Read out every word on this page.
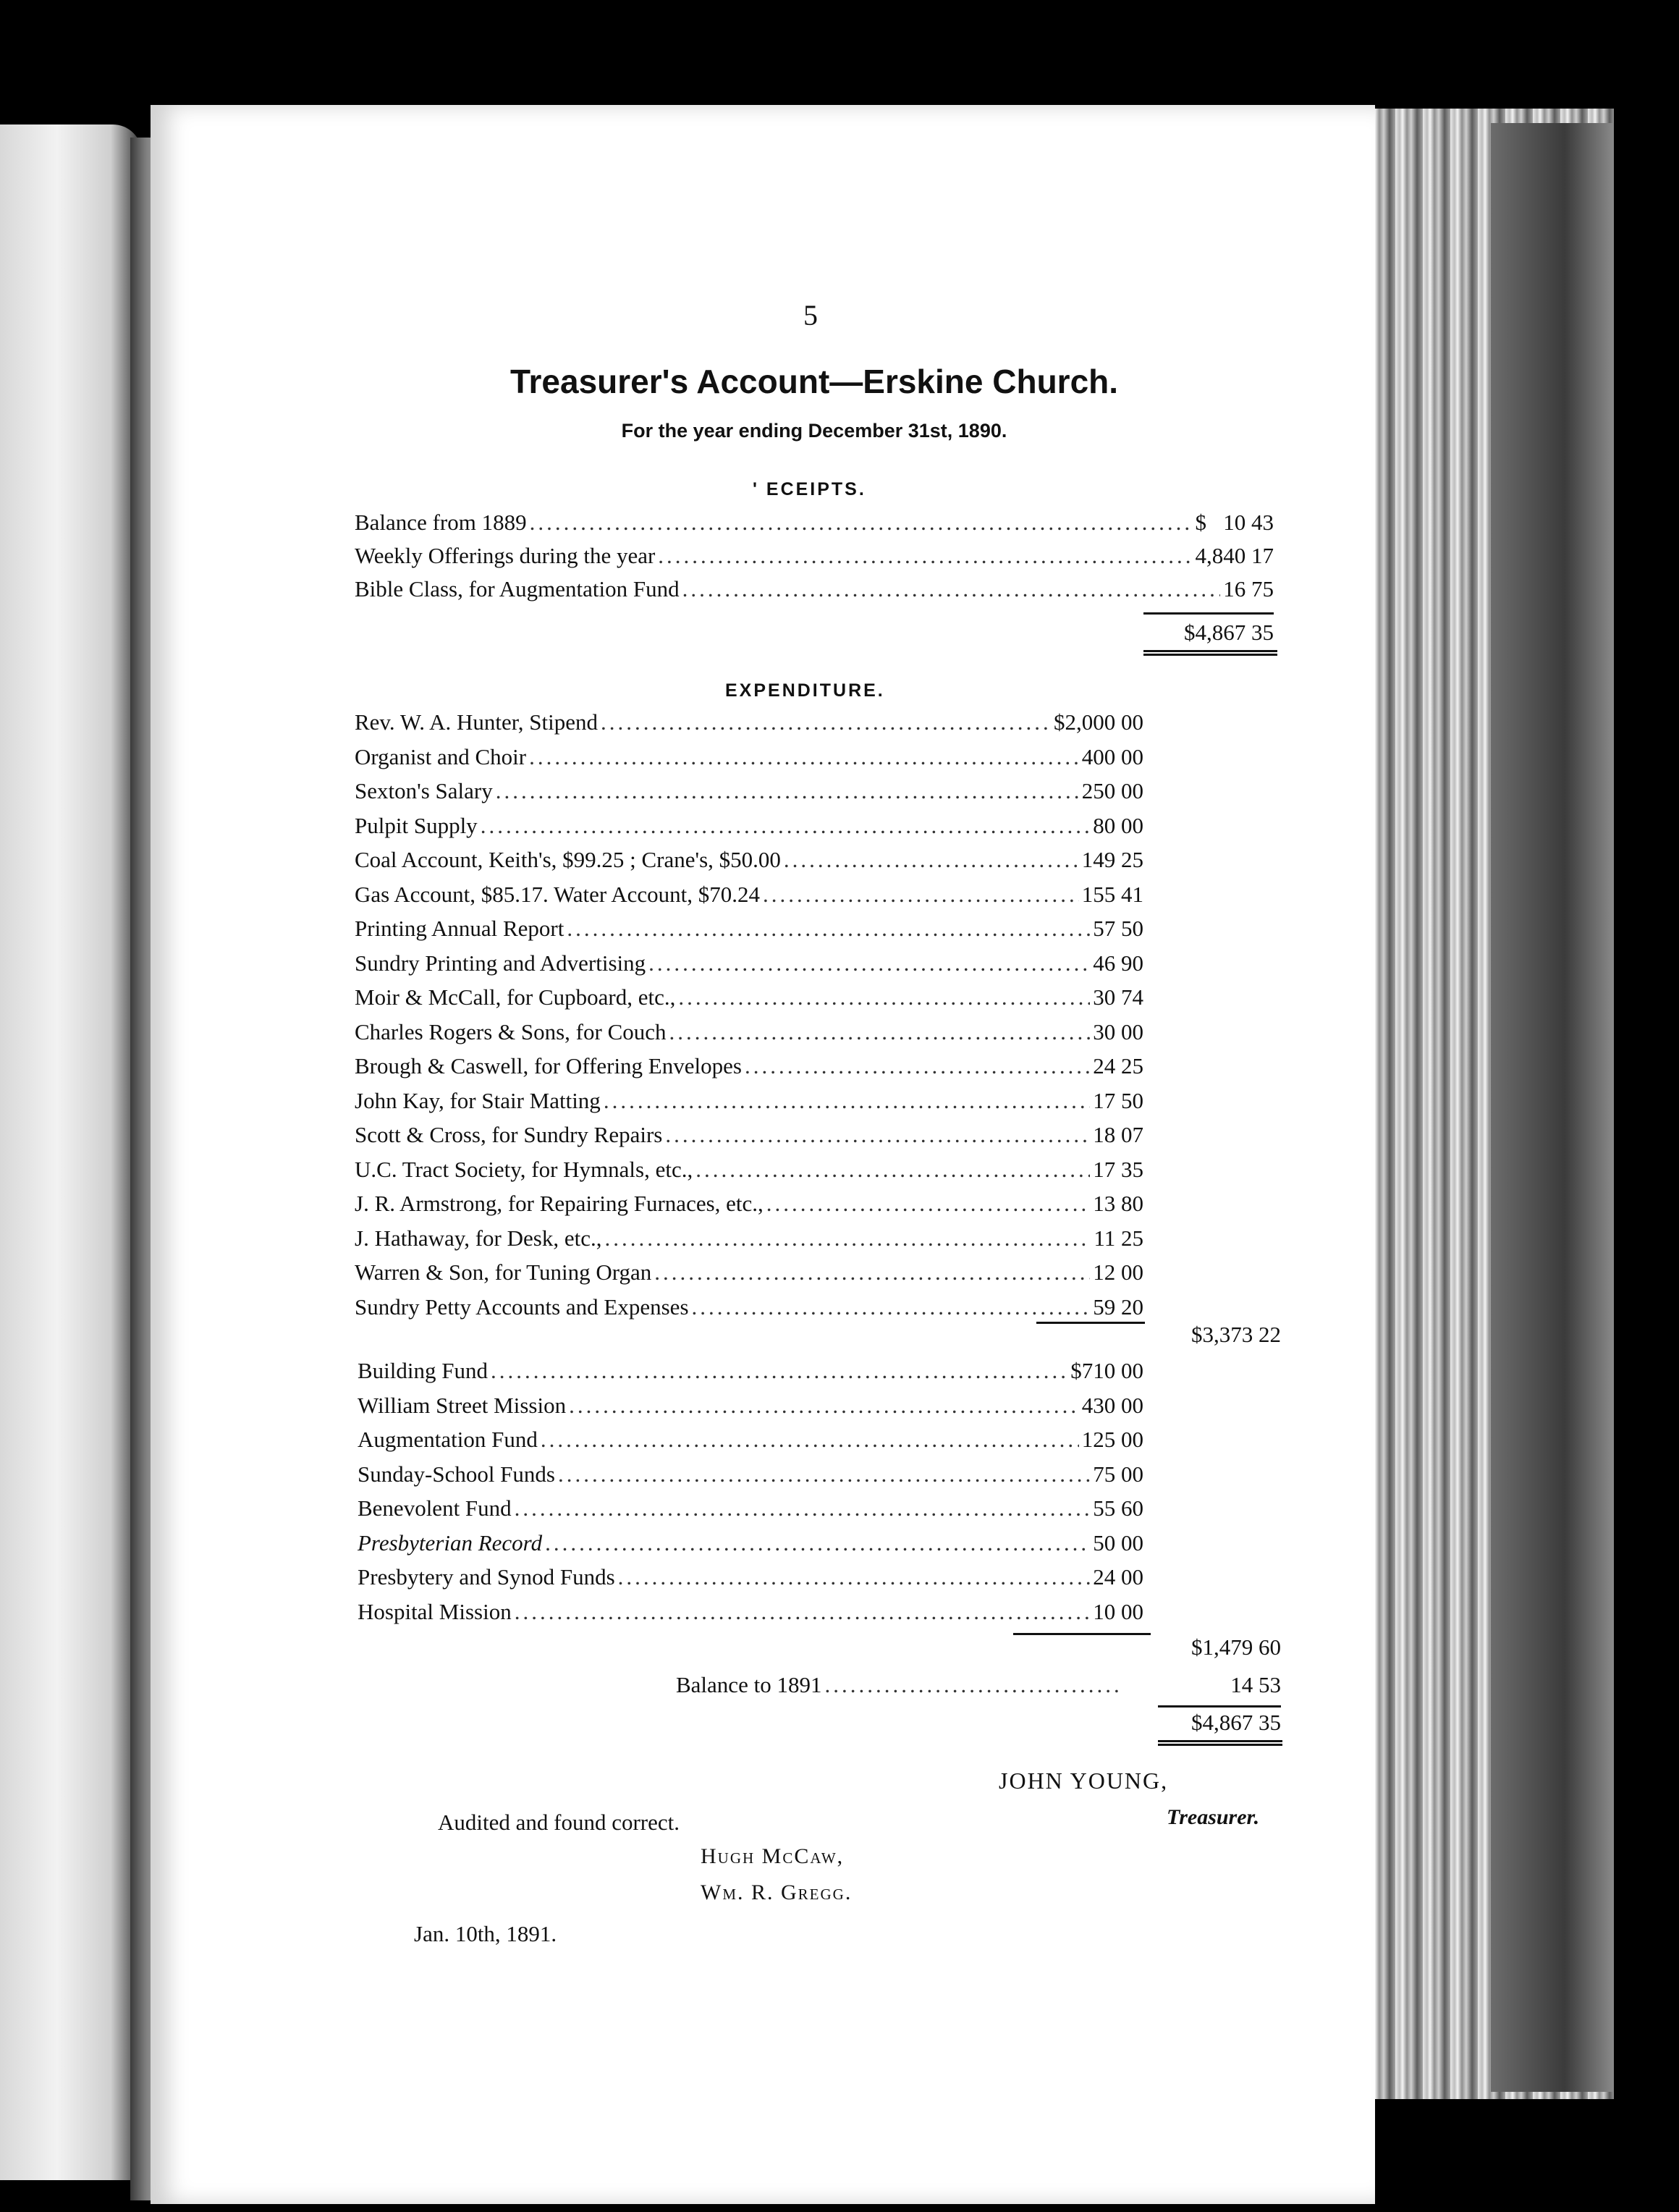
5
Treasurer's Account—Erskine Church.
For the year ending December 31st, 1890.
' ECEIPTS.
Balance from 1889 .....	$   10 43
Weekly Offerings during the year .....	4,840 17
Bible Class, for Augmentation Fund .....	16 75
$4,867 35
EXPENDITURE.
Rev. W. A. Hunter, Stipend .....	$2,000 00
Organist and Choir .....	400 00
Sexton's Salary .....	250 00
Pulpit Supply .....	80 00
Coal Account, Keith's, $99.25 ; Crane's, $50.00 .....	149 25
Gas Account, $85.17. Water Account, $70.24 .....	155 41
Printing Annual Report .....	57 50
Sundry Printing and Advertising .....	46 90
Moir & McCall, for Cupboard, etc., .....	30 74
Charles Rogers & Sons, for Couch .....	30 00
Brough & Caswell, for Offering Envelopes .....	24 25
John Kay, for Stair Matting .....	17 50
Scott & Cross, for Sundry Repairs .....	18 07
U.C. Tract Society, for Hymnals, etc., .....	17 35
J. R. Armstrong, for Repairing Furnaces, etc., .....	13 80
J. Hathaway, for Desk, etc., .....	11 25
Warren & Son, for Tuning Organ .....	12 00
Sundry Petty Accounts and Expenses .....	59 20
$3,373 22
Building Fund .....	$710 00
William Street Mission .....	430 00
Augmentation Fund .....	125 00
Sunday-School Funds .....	75 00
Benevolent Fund .....	55 60
Presbyterian Record .....	50 00
Presbytery and Synod Funds .....	24 00
Hospital Mission .....	10 00
$1,479 60
Balance to 1891 .....	14 53
$4,867 35
JOHN YOUNG,
Treasurer.
Audited and found correct.
Hugh McCaw,
Wm. R. Gregg.
Jan. 10th, 1891.
